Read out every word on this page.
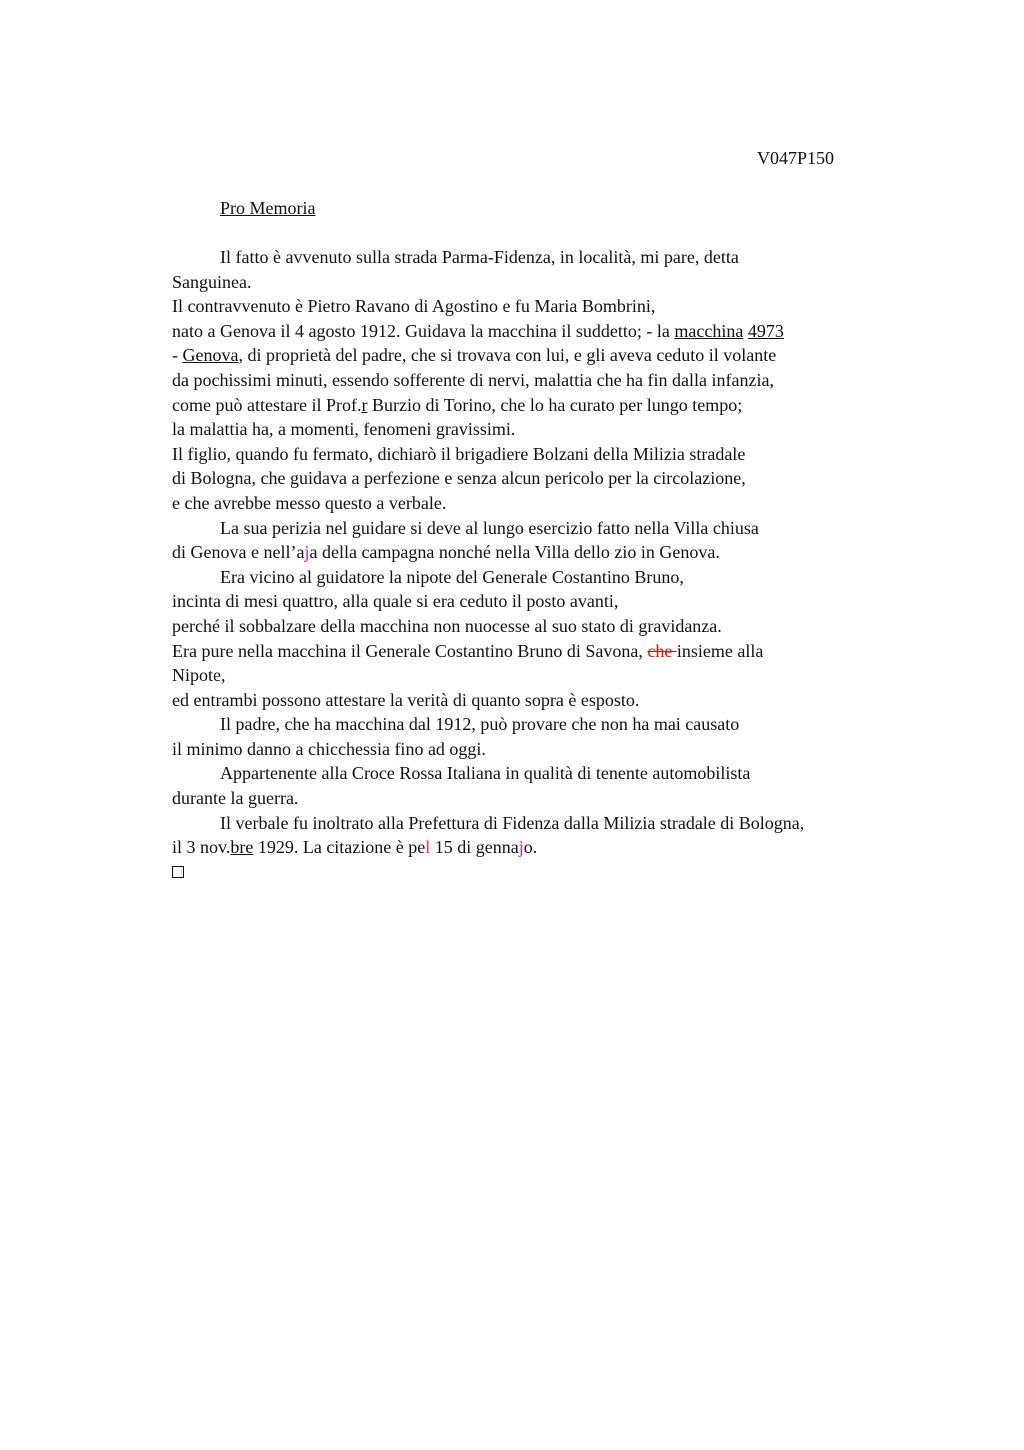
V047P150
Pro Memoria
Il fatto è avvenuto sulla strada Parma-Fidenza, in località, mi pare, detta
Sanguinea.
Il contravvenuto è Pietro Ravano di Agostino e fu Maria Bombrini,
nato a Genova il 4 agosto 1912. Guidava la macchina il suddetto; - la macchina 4973
- Genova, di proprietà del padre, che si trovava con lui, e gli aveva ceduto il volante
da pochissimi minuti, essendo sofferente di nervi, malattia che ha fin dalla infanzia,
come può attestare il Prof.r Burzio di Torino, che lo ha curato per lungo tempo;
la malattia ha, a momenti, fenomeni gravissimi.
Il figlio, quando fu fermato, dichiarò il brigadiere Bolzani della Milizia stradale
di Bologna, che guidava a perfezione e senza alcun pericolo per la circolazione,
e che avrebbe messo questo a verbale.
La sua perizia nel guidare si deve al lungo esercizio fatto nella Villa chiusa
di Genova e nell’aja della campagna nonché nella Villa dello zio in Genova.
Era vicino al guidatore la nipote del Generale Costantino Bruno,
incinta di mesi quattro, alla quale si era ceduto il posto avanti,
perché il sobbalzare della macchina non nuocesse al suo stato di gravidanza.
Era pure nella macchina il Generale Costantino Bruno di Savona, che insieme alla
Nipote,
ed entrambi possono attestare la verità di quanto sopra è esposto.
Il padre, che ha macchina dal 1912, può provare che non ha mai causato
il minimo danno a chicchessia fino ad oggi.
Appartenente alla Croce Rossa Italiana in qualità di tenente automobilista
durante la guerra.
Il verbale fu inoltrato alla Prefettura di Fidenza dalla Milizia stradale di Bologna,
il 3 nov.bre 1929. La citazione è pel 15 di gennajo.
